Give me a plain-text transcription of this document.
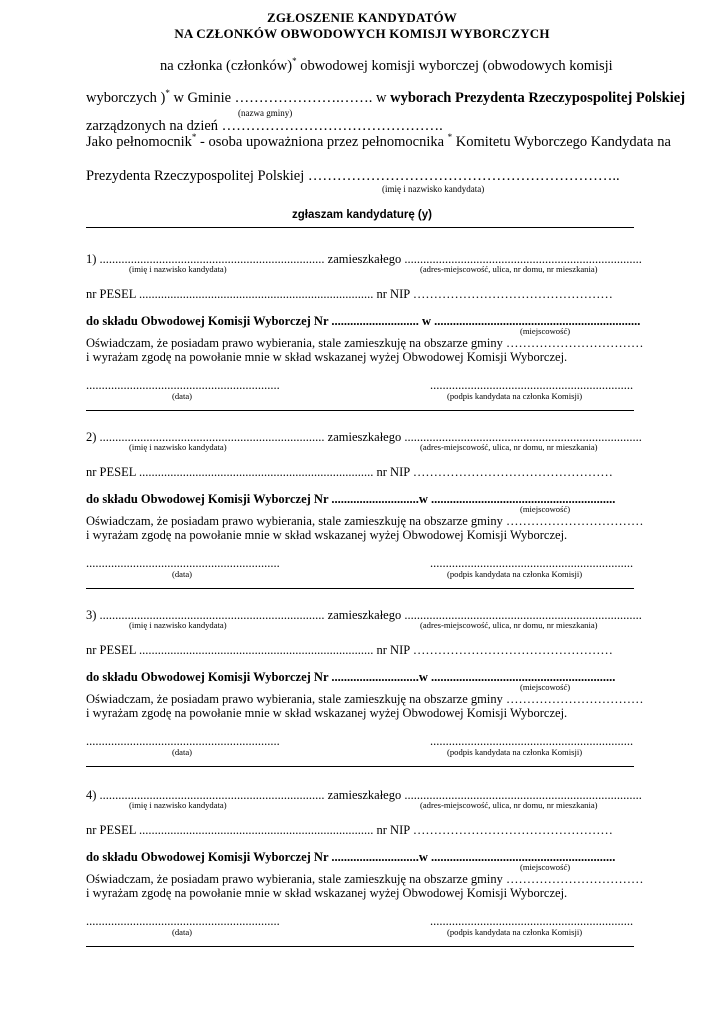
ZGŁOSZENIE KANDYDATÓW
NA CZŁONKÓW OBWODOWYCH KOMISJI WYBORCZYCH
na członka (członków)* obwodowej komisji wyborczej (obwodowych komisji
wyborczych )* w Gminie ………………….……. w wyborach Prezydenta Rzeczypospolitej Polskiej
(nazwa gminy)
zarządzonych na dzień ……………………………………….
Jako pełnomocnik* - osoba upoważniona przez pełnomocnika * Komitetu Wyborczego Kandydata na
Prezydenta Rzeczypospolitej Polskiej ………………………………………………………..
(imię i nazwisko kandydata)
zgłaszam kandydaturę (y)
1) ........................................................................ zamieszkałego ............................................................................
(imię i nazwisko kandydata)	(adres-miejscowość, ulica, nr domu, nr mieszkania)
nr PESEL ........................................................................... nr NIP …………………………………………
do składu Obwodowej Komisji Wyborczej Nr ............................ w ..................................................................
(miejscowość)
Oświadczam, że posiadam prawo wybierania, stale zamieszkuję na obszarze gminy ……………………………
i wyrażam zgodę na powołanie mnie w skład wskazanej wyżej Obwodowej Komisji Wyborczej.
..............................................................	.................................................................
(data)	(podpis kandydata na członka Komisji)
2) ........................................................................ zamieszkałego ............................................................................
(imię i nazwisko kandydata)	(adres-miejscowość, ulica, nr domu, nr mieszkania)
nr PESEL ........................................................................... nr NIP …………………………………………
do składu Obwodowej Komisji Wyborczej Nr ............................w ...........................................................
(miejscowość)
Oświadczam, że posiadam prawo wybierania, stale zamieszkuję na obszarze gminy ……………………………
i wyrażam zgodę na powołanie mnie w skład wskazanej wyżej Obwodowej Komisji Wyborczej.
..............................................................	.................................................................
(data)	(podpis kandydata na członka Komisji)
3) ........................................................................ zamieszkałego ............................................................................
(imię i nazwisko kandydata)	(adres-miejscowość, ulica, nr domu, nr mieszkania)
nr PESEL ........................................................................... nr NIP …………………………………………
do składu Obwodowej Komisji Wyborczej Nr ............................w ...........................................................
(miejscowość)
Oświadczam, że posiadam prawo wybierania, stale zamieszkuję na obszarze gminy ……………………………
i wyrażam zgodę na powołanie mnie w skład wskazanej wyżej Obwodowej Komisji Wyborczej.
..............................................................	.................................................................
(data)	(podpis kandydata na członka Komisji)
4) ........................................................................ zamieszkałego ............................................................................
(imię i nazwisko kandydata)	(adres-miejscowość, ulica, nr domu, nr mieszkania)
nr PESEL ........................................................................... nr NIP …………………………………………
do składu Obwodowej Komisji Wyborczej Nr ............................w ...........................................................
(miejscowość)
Oświadczam, że posiadam prawo wybierania, stale zamieszkuję na obszarze gminy ……………………………
i wyrażam zgodę na powołanie mnie w skład wskazanej wyżej Obwodowej Komisji Wyborczej.
..............................................................	.................................................................
(data)	(podpis kandydata na członka Komisji)
